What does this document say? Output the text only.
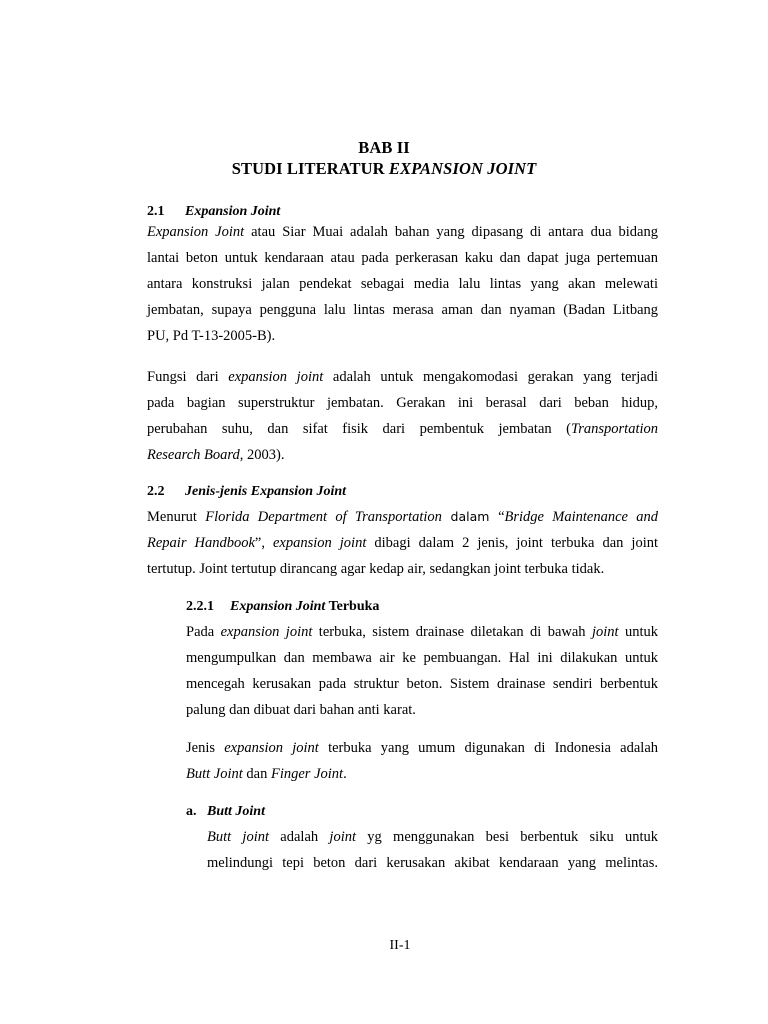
BAB II
STUDI LITERATUR EXPANSION JOINT
2.1 Expansion Joint
Expansion Joint atau Siar Muai adalah bahan yang dipasang di antara dua bidang
lantai beton untuk kendaraan atau pada perkerasan kaku dan dapat juga pertemuan
antara konstruksi jalan pendekat sebagai media lalu lintas yang akan melewati
jembatan, supaya pengguna lalu lintas merasa aman dan nyaman (Badan Litbang
PU, Pd T-13-2005-B).
Fungsi dari expansion joint adalah untuk mengakomodasi gerakan yang terjadi
pada bagian superstruktur jembatan. Gerakan ini berasal dari beban hidup,
perubahan suhu, dan sifat fisik dari pembentuk jembatan (Transportation
Research Board, 2003).
2.2 Jenis-jenis Expansion Joint
Menurut Florida Department of Transportation dalam “Bridge Maintenance and
Repair Handbook”, expansion joint dibagi dalam 2 jenis, joint terbuka dan joint
tertutup. Joint tertutup dirancang agar kedap air, sedangkan joint terbuka tidak.
2.2.1 Expansion Joint Terbuka
Pada expansion joint terbuka, sistem drainase diletakan di bawah joint untuk
mengumpulkan dan membawa air ke pembuangan. Hal ini dilakukan untuk
mencegah kerusakan pada struktur beton. Sistem drainase sendiri berbentuk
palung dan dibuat dari bahan anti karat.
Jenis expansion joint terbuka yang umum digunakan di Indonesia adalah
Butt Joint dan Finger Joint.
a. Butt Joint
Butt joint adalah joint yg menggunakan besi berbentuk siku untuk
melindungi tepi beton dari kerusakan akibat kendaraan yang melintas.
II-1
